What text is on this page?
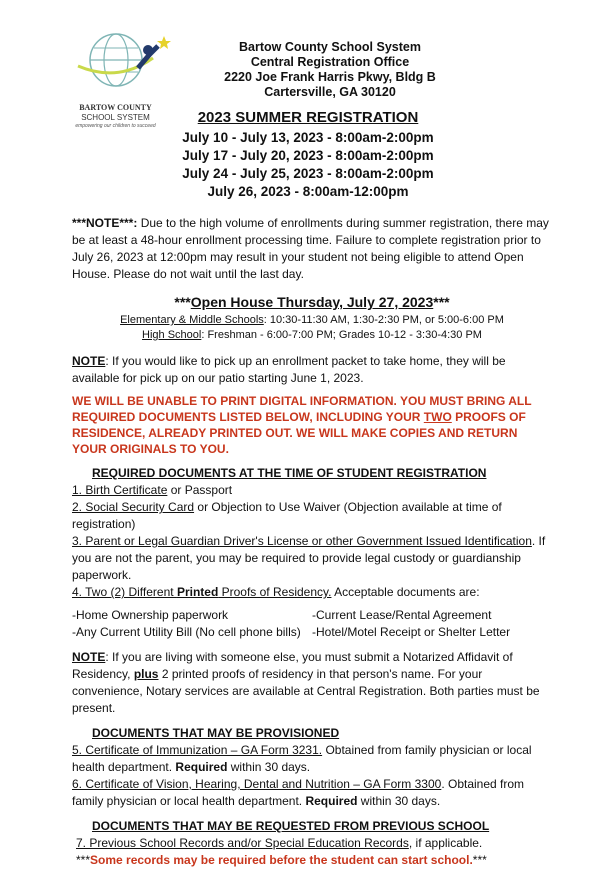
BARTOW COUNTY
SCHOOL SYSTEM
empowering our children to succeed
Bartow County School System
Central Registration Office
2220 Joe Frank Harris Pkwy, Bldg B
Cartersville, GA 30120
2023 SUMMER REGISTRATION
July 10 - July 13, 2023 - 8:00am-2:00pm
July 17 - July 20, 2023 - 8:00am-2:00pm
July 24 - July 25, 2023 - 8:00am-2:00pm
July 26, 2023 - 8:00am-12:00pm
***NOTE***: Due to the high volume of enrollments during summer registration, there may be at least a 48-hour enrollment processing time. Failure to complete registration prior to July 26, 2023 at 12:00pm may result in your student not being eligible to attend Open House. Please do not wait until the last day.
***Open House Thursday, July 27, 2023***
Elementary & Middle Schools: 10:30-11:30 AM, 1:30-2:30 PM, or 5:00-6:00 PM
High School: Freshman - 6:00-7:00 PM; Grades 10-12 - 3:30-4:30 PM
NOTE: If you would like to pick up an enrollment packet to take home, they will be available for pick up on our patio starting June 1, 2023.
WE WILL BE UNABLE TO PRINT DIGITAL INFORMATION. YOU MUST BRING ALL REQUIRED DOCUMENTS LISTED BELOW, INCLUDING YOUR TWO PROOFS OF RESIDENCE, ALREADY PRINTED OUT. WE WILL MAKE COPIES AND RETURN YOUR ORIGINALS TO YOU.
REQUIRED DOCUMENTS AT THE TIME OF STUDENT REGISTRATION
1. Birth Certificate or Passport
2. Social Security Card or Objection to Use Waiver (Objection available at time of registration)
3. Parent or Legal Guardian Driver's License or other Government Issued Identification. If you are not the parent, you may be required to provide legal custody or guardianship paperwork.
4. Two (2) Different Printed Proofs of Residency. Acceptable documents are:
-Home Ownership paperwork	-Current Lease/Rental Agreement
-Any Current Utility Bill (No cell phone bills) -Hotel/Motel Receipt or Shelter Letter
NOTE: If you are living with someone else, you must submit a Notarized Affidavit of Residency, plus 2 printed proofs of residency in that person's name. For your convenience, Notary services are available at Central Registration. Both parties must be present.
DOCUMENTS THAT MAY BE PROVISIONED
5. Certificate of Immunization – GA Form 3231. Obtained from family physician or local health department. Required within 30 days.
6. Certificate of Vision, Hearing, Dental and Nutrition – GA Form 3300. Obtained from family physician or local health department. Required within 30 days.
DOCUMENTS THAT MAY BE REQUESTED FROM PREVIOUS SCHOOL
7. Previous School Records and/or Special Education Records, if applicable.
***Some records may be required before the student can start school.***
